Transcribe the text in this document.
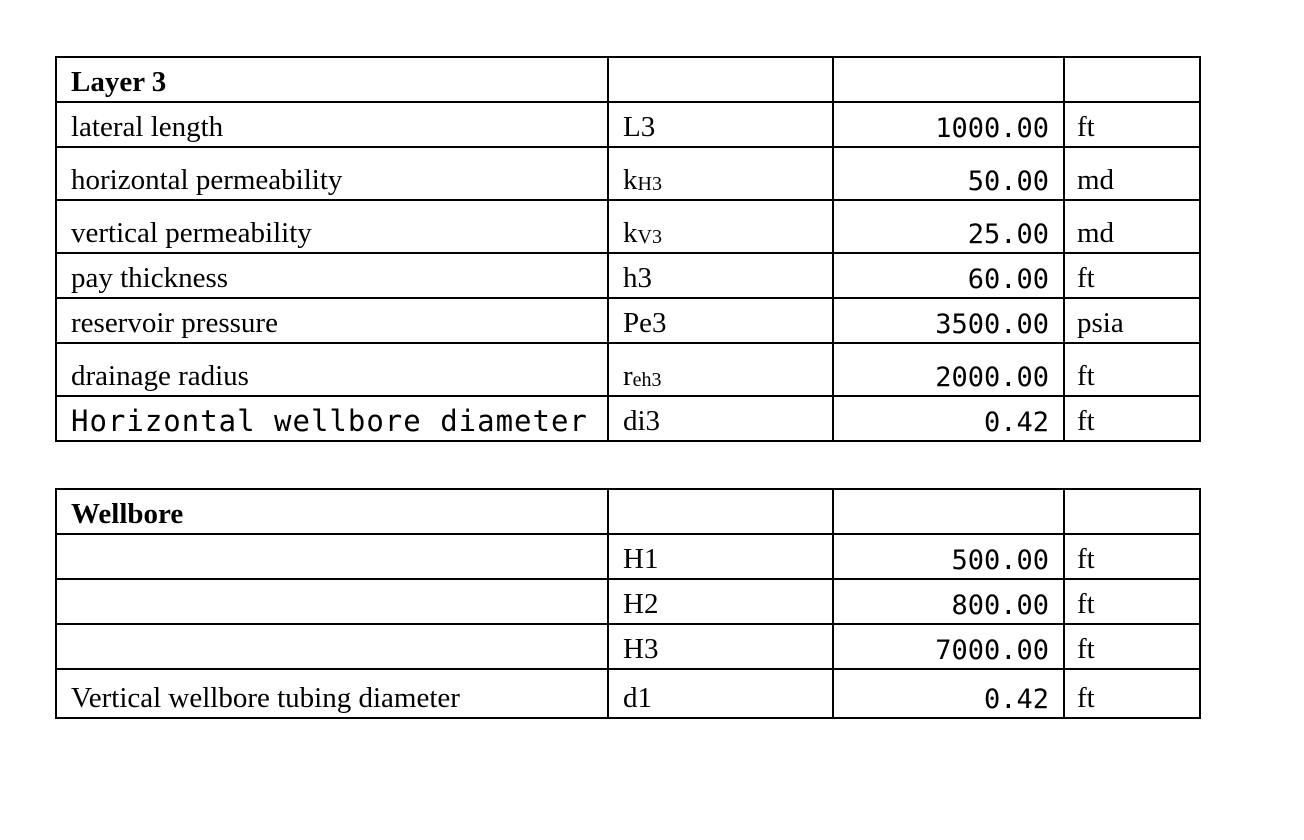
Layer 3			
lateral length	L3	1000.00	ft
horizontal permeability	$k_{H3}$	50.00	md
vertical permeability	$k_{V3}$	25.00	md
pay thickness	h3	60.00	ft
reservoir pressure	Pe3	3500.00	psia
drainage radius	$r_{eh3}$	2000.00	ft
Horizontal wellbore diameter	di3	0.42	ft
Wellbore			
	H1	500.00	ft
	H2	800.00	ft
	H3	7000.00	ft
Vertical wellbore tubing diameter	d1	0.42	ft
